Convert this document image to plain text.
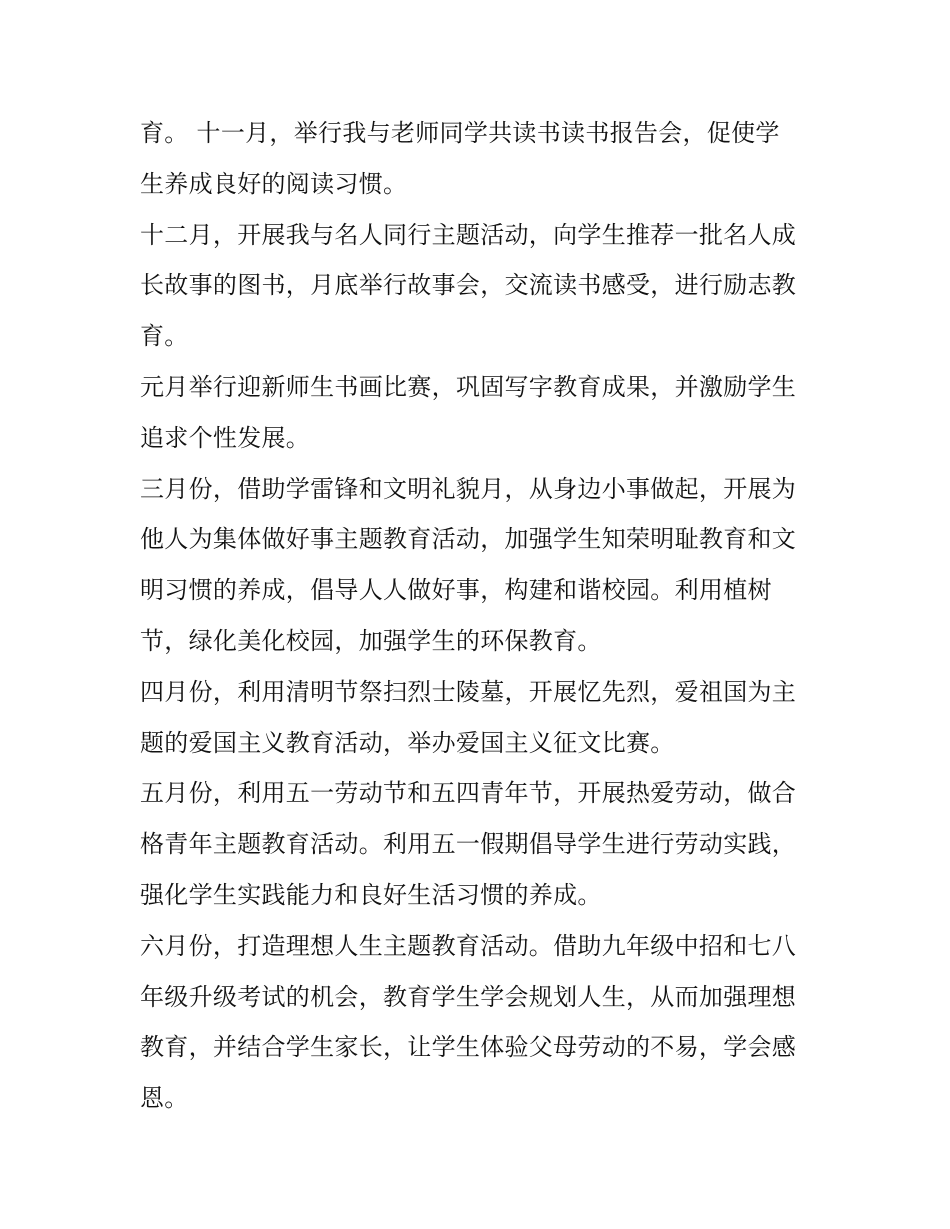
育。 十一月，举行我与老师同学共读书读书报告会，促使学
生养成良好的阅读习惯。
十二月，开展我与名人同行主题活动，向学生推荐一批名人成
长故事的图书，月底举行故事会，交流读书感受，进行励志教
育。
元月举行迎新师生书画比赛，巩固写字教育成果，并激励学生
追求个性发展。
三月份，借助学雷锋和文明礼貌月，从身边小事做起，开展为
他人为集体做好事主题教育活动，加强学生知荣明耻教育和文
明习惯的养成，倡导人人做好事，构建和谐校园。利用植树
节，绿化美化校园，加强学生的环保教育。
四月份，利用清明节祭扫烈士陵墓，开展忆先烈，爱祖国为主
题的爱国主义教育活动，举办爱国主义征文比赛。
五月份，利用五一劳动节和五四青年节，开展热爱劳动，做合
格青年主题教育活动。利用五一假期倡导学生进行劳动实践，
强化学生实践能力和良好生活习惯的养成。
六月份，打造理想人生主题教育活动。借助九年级中招和七八
年级升级考试的机会，教育学生学会规划人生，从而加强理想
教育，并结合学生家长，让学生体验父母劳动的不易，学会感
恩。
